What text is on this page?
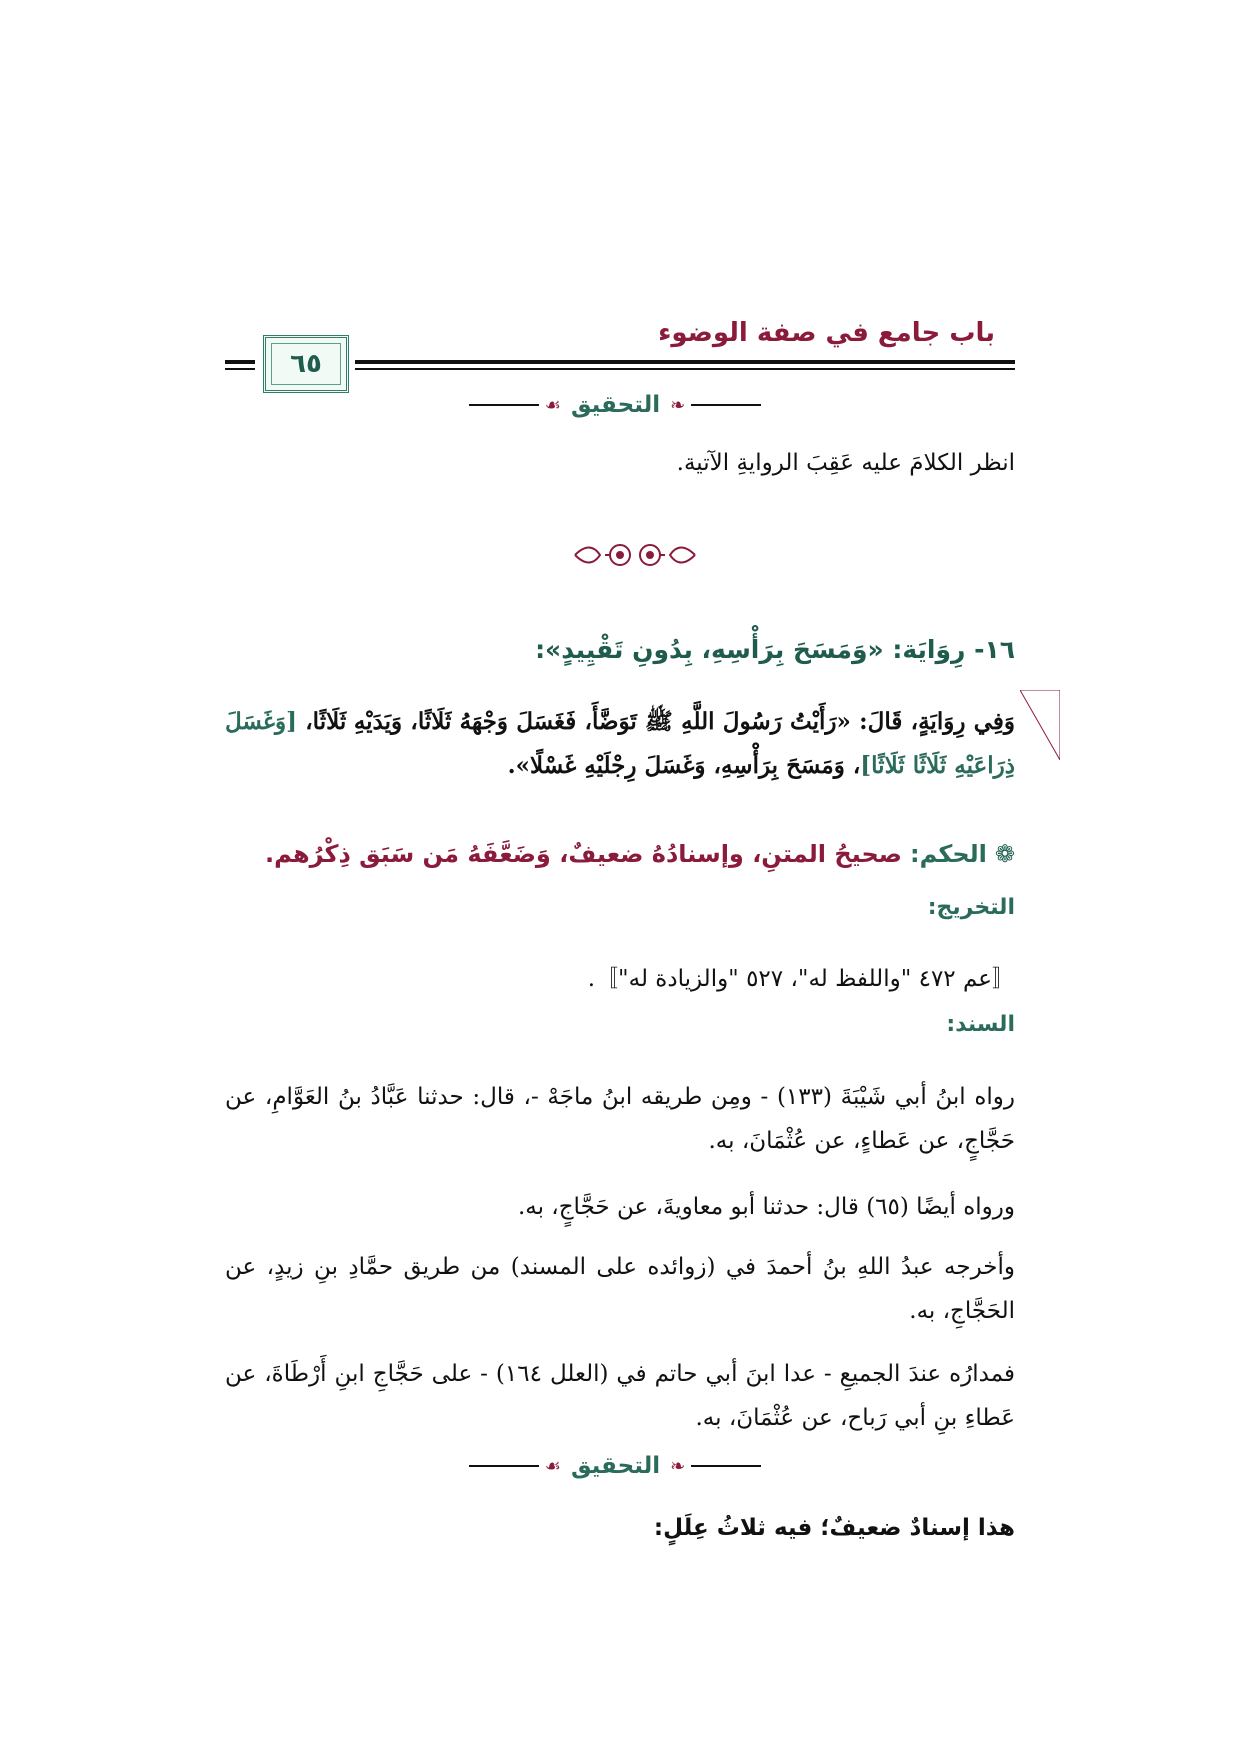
باب جامع في صفة الوضوء
٦٥
❧
التحقيق
☙
انظر الكلامَ عليه عَقِبَ الروايةِ الآتية.
١٦- رِوَايَة: «وَمَسَحَ بِرَأْسِهِ، بِدُونِ تَقْيِيدٍ»:
وَفِي رِوَايَةٍ، قَالَ: «رَأَيْتُ رَسُولَ اللَّهِ ﷺ تَوَضَّأَ، فَغَسَلَ وَجْهَهُ ثَلَاثًا، وَيَدَيْهِ ثَلَاثًا، [وَغَسَلَ ذِرَاعَيْهِ ثَلَاثًا ثَلَاثًا]، وَمَسَحَ بِرَأْسِهِ، وَغَسَلَ رِجْلَيْهِ غَسْلًا».
❁
الحكم:
صحيحُ المتنِ، وإسنادُهُ ضعيفٌ، وَضَعَّفَهُ مَن سَبَق ذِكْرُهم.
التخريج:
〚عم ٤٧٢ "واللفظ له"، ٥٢٧ "والزيادة له"〛.
السند:
رواه ابنُ أبي شَيْبَةَ (١٣٣) - ومِن طريقه ابنُ ماجَهْ -، قال: حدثنا عَبَّادُ بنُ العَوَّامِ، عن حَجَّاجٍ، عن عَطاءٍ، عن عُثْمَانَ، به.
ورواه أيضًا (٦٥) قال: حدثنا أبو معاويةَ، عن حَجَّاجٍ، به.
وأخرجه عبدُ اللهِ بنُ أحمدَ في (زوائده على المسند) من طريق حمَّادِ بنِ زيدٍ، عن الحَجَّاجِ، به.
فمدارُه عندَ الجميعِ - عدا ابنَ أبي حاتم في (العلل ١٦٤) - على حَجَّاجِ ابنِ أَرْطَاةَ، عن عَطاءِ بنِ أبي رَباح، عن عُثْمَانَ، به.
❧
التحقيق
☙
هذا إسنادٌ ضعيفٌ؛ فيه ثلاثُ عِلَلٍ:
